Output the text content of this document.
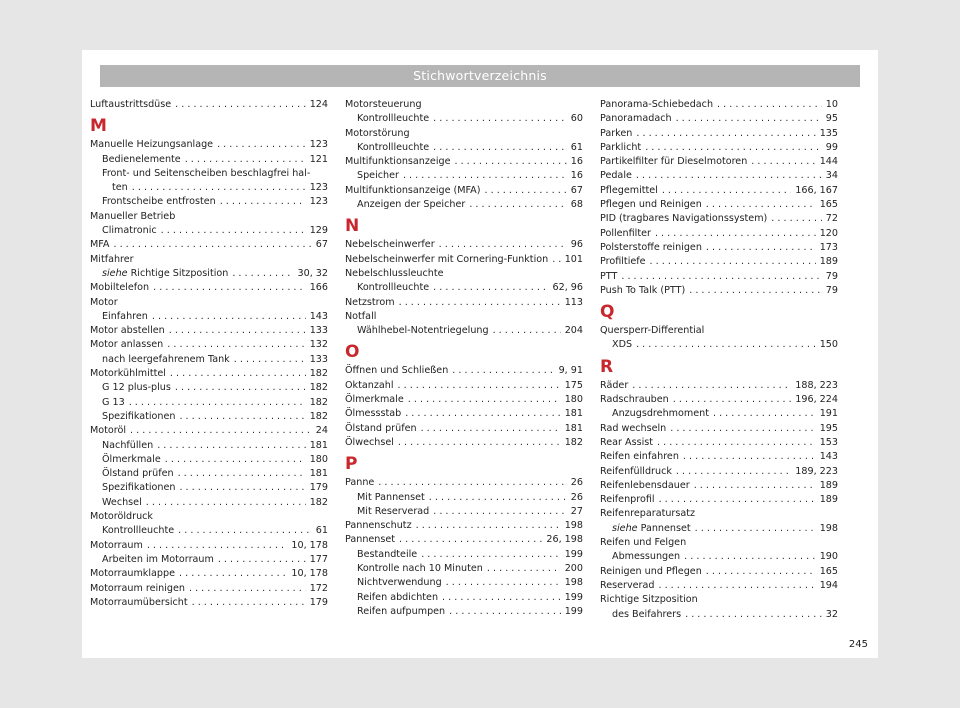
Stichwortverzeichnis
Luftaustrittsdüse . . .	124
M
Manuelle Heizungsanlage . . .	123
Bedienelemente . . .	121
Front- und Seitenscheiben beschlagfrei hal-
ten . . .	123
Frontscheibe entfrosten . . .	123
Manueller Betrieb
Climatronic . . .	129
MFA . . .	67
Mitfahrer
siehe Richtige Sitzposition . . .	30, 32
Mobiltelefon . . .	166
Motor
Einfahren . . .	143
Motor abstellen . . .	133
Motor anlassen . . .	132
nach leergefahrenem Tank . . .	133
Motorkühlmittel . . .	182
G 12 plus-plus . . .	182
G 13 . . .	182
Spezifikationen . . .	182
Motoröl . . .	24
Nachfüllen . . .	181
Ölmerkmale . . .	180
Ölstand prüfen . . .	181
Spezifikationen . . .	179
Wechsel . . .	182
Motoröldruck
Kontrollleuchte . . .	61
Motorraum . . .	10, 178
Arbeiten im Motorraum . . .	177
Motorraumklappe . . .	10, 178
Motorraum reinigen . . .	172
Motorraumübersicht . . .	179
Motorsteuerung
Kontrollleuchte . . .	60
Motorstörung
Kontrollleuchte . . .	61
Multifunktionsanzeige . . .	16
Speicher . . .	16
Multifunktionsanzeige (MFA) . . .	67
Anzeigen der Speicher . . .	68
N
Nebelscheinwerfer . . .	96
Nebelscheinwerfer mit Cornering-Funktion . . . 101
Nebelschlussleuchte
Kontrollleuchte . . .	62, 96
Netzstrom . . .	113
Notfall
Wählhebel-Notentriegelung . . .	204
O
Öffnen und Schließen . . .	9, 91
Oktanzahl . . .	175
Ölmerkmale . . .	180
Ölmessstab . . .	181
Ölstand prüfen . . .	181
Ölwechsel . . .	182
P
Panne . . .	26
Mit Pannenset . . .	26
Mit Reserverad . . .	27
Pannenschutz . . .	198
Pannenset . . .	26, 198
Bestandteile . . .	199
Kontrolle nach 10 Minuten . . .	200
Nichtverwendung . . .	198
Reifen abdichten . . .	199
Reifen aufpumpen . . .	199
Panorama-Schiebedach . . .	10
Panoramadach . . .	95
Parken . . .	135
Parklicht . . .	99
Partikelfilter für Dieselmotoren . . .	144
Pedale . . .	34
Pflegemittel . . .	166, 167
Pflegen und Reinigen . . .	165
PID (tragbares Navigationssystem) . . .	72
Pollenfilter . . .	120
Polsterstoffe reinigen . . .	173
Profiltiefe . . .	189
PTT . . .	79
Push To Talk (PTT) . . .	79
Q
Quersperr-Differential
XDS . . .	150
R
Räder . . .	188, 223
Radschrauben . . .	196, 224
Anzugsdrehmoment . . .	191
Rad wechseln . . .	195
Rear Assist . . .	153
Reifen einfahren . . .	143
Reifenfülldruck . . .	189, 223
Reifenlebensdauer . . .	189
Reifenprofil . . .	189
Reifenreparatursatz
siehe Pannenset . . .	198
Reifen und Felgen
Abmessungen . . .	190
Reinigen und Pflegen . . .	165
Reserverad . . .	194
Richtige Sitzposition
des Beifahrers . . .	32
245
